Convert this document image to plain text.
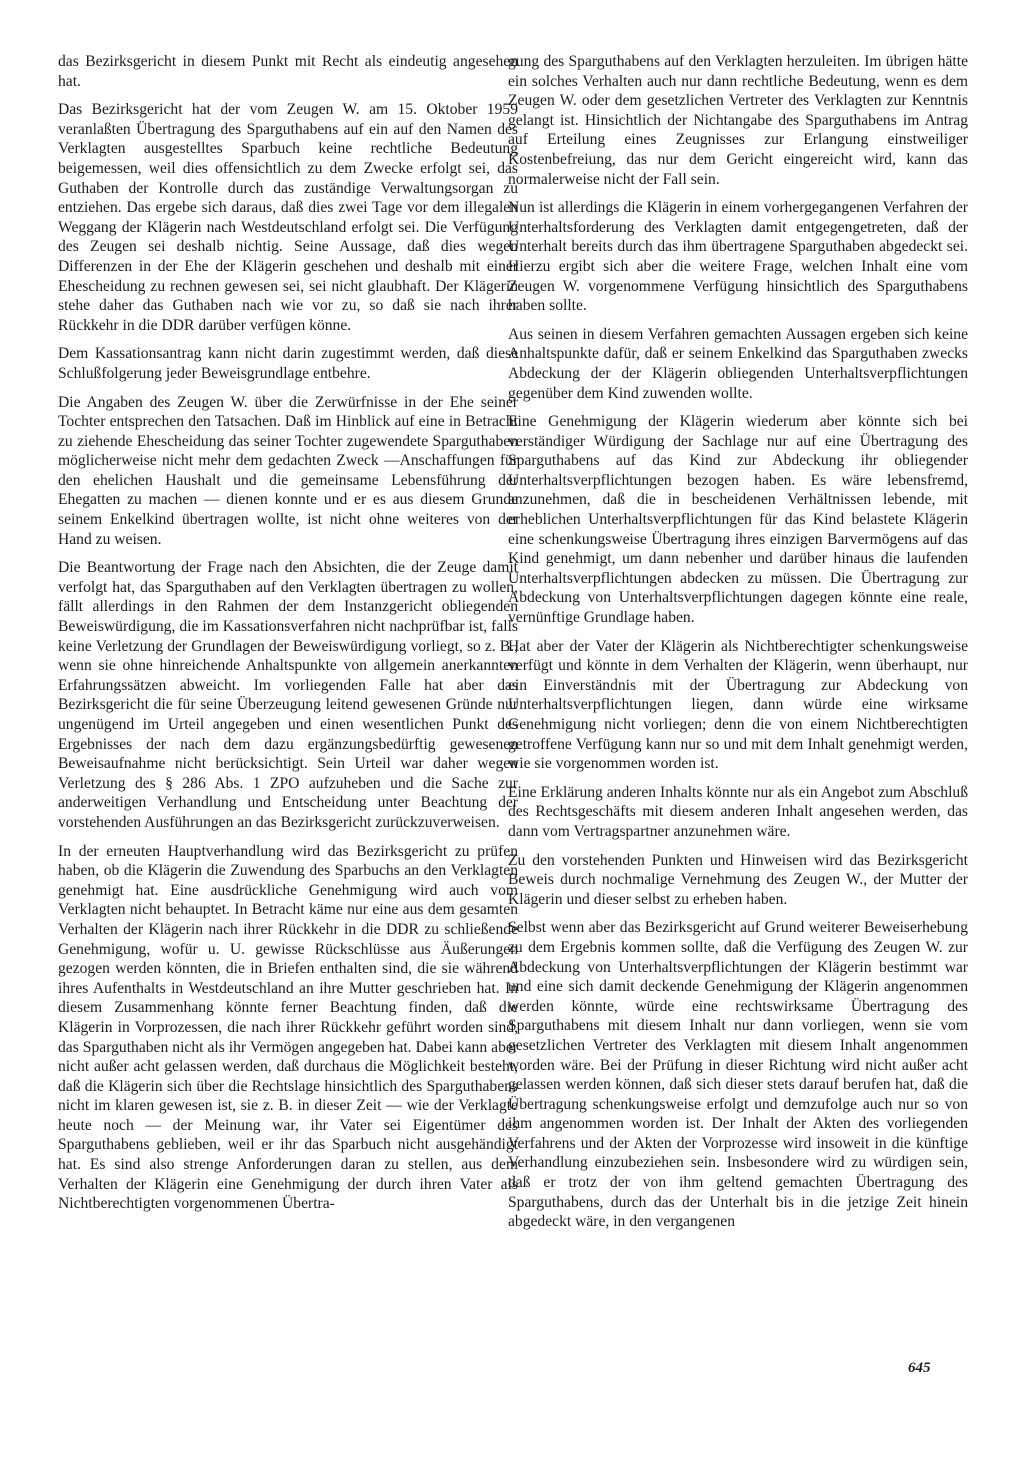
das Bezirksgericht in diesem Punkt mit Recht als eindeutig angesehen hat.

Das Bezirksgericht hat der vom Zeugen W. am 15. Oktober 1959 veranlaßten Übertragung des Sparguthabens auf ein auf den Namen des Verklagten ausgestelltes Sparbuch keine rechtliche Bedeutung beigemessen, weil dies offensichtlich zu dem Zwecke erfolgt sei, das Guthaben der Kontrolle durch das zuständige Verwaltungsorgan zu entziehen. Das ergebe sich daraus, daß dies zwei Tage vor dem illegalen Weggang der Klägerin nach Westdeutschland erfolgt sei. Die Verfügung des Zeugen sei deshalb nichtig. Seine Aussage, daß dies wegen Differenzen in der Ehe der Klägerin geschehen und deshalb mit einer Ehescheidung zu rechnen gewesen sei, sei nicht glaubhaft. Der Klägerin stehe daher das Guthaben nach wie vor zu, so daß sie nach ihrer Rückkehr in die DDR darüber verfügen könne.

Dem Kassationsantrag kann nicht darin zugestimmt werden, daß diese Schlußfolgerung jeder Beweisgrundlage entbehre.

Die Angaben des Zeugen W. über die Zerwürfnisse in der Ehe seiner Tochter entsprechen den Tatsachen. Daß im Hinblick auf eine in Betracht zu ziehende Ehescheidung das seiner Tochter zugewendete Sparguthaben möglicherweise nicht mehr dem gedachten Zweck —Anschaffungen für den ehelichen Haushalt und die gemeinsame Lebensführung der Ehegatten zu machen — dienen konnte und er es aus diesem Grunde seinem Enkelkind übertragen wollte, ist nicht ohne weiteres von der Hand zu weisen.

Die Beantwortung der Frage nach den Absichten, die der Zeuge damit verfolgt hat, das Sparguthaben auf den Verklagten übertragen zu wollen, fällt allerdings in den Rahmen der dem Instanzgericht obliegenden Beweiswürdigung, die im Kassationsverfahren nicht nachprüfbar ist, falls keine Verletzung der Grundlagen der Beweiswürdigung vorliegt, so z. B., wenn sie ohne hinreichende Anhaltspunkte von allgemein anerkannten Erfahrungssätzen abweicht. Im vorliegenden Falle hat aber das Bezirksgericht die für seine Überzeugung leitend gewesenen Gründe nur ungenügend im Urteil angegeben und einen wesentlichen Punkt des Ergebnisses der nach dem dazu ergänzungsbedürftig gewesenen Beweisaufnahme nicht berücksichtigt. Sein Urteil war daher wegen Verletzung des § 286 Abs. 1 ZPO aufzuheben und die Sache zur anderweitigen Verhandlung und Entscheidung unter Beachtung der vorstehenden Ausführungen an das Bezirksgericht zurückzuverweisen.

In der erneuten Hauptverhandlung wird das Bezirksgericht zu prüfen haben, ob die Klägerin die Zuwendung des Sparbuchs an den Verklagten genehmigt hat. Eine ausdrückliche Genehmigung wird auch vom Verklagten nicht behauptet. In Betracht käme nur eine aus dem gesamten Verhalten der Klägerin nach ihrer Rückkehr in die DDR zu schließende Genehmigung, wofür u. U. gewisse Rückschlüsse aus Äußerungen gezogen werden könnten, die in Briefen enthalten sind, die sie während ihres Aufenthalts in Westdeutschland an ihre Mutter geschrieben hat. In diesem Zusammenhang könnte ferner Beachtung finden, daß die Klägerin in Vorprozessen, die nach ihrer Rückkehr geführt worden sind, das Sparguthaben nicht als ihr Vermögen angegeben hat. Dabei kann aber nicht außer acht gelassen werden, daß durchaus die Möglichkeit besteht, daß die Klägerin sich über die Rechtslage hinsichtlich des Sparguthabens nicht im klaren gewesen ist, sie z. B. in dieser Zeit — wie der Verklagte heute noch — der Meinung war, ihr Vater sei Eigentümer des Sparguthabens geblieben, weil er ihr das Sparbuch nicht ausgehändigt hat. Es sind also strenge Anforderungen daran zu stellen, aus dem Verhalten der Klägerin eine Genehmigung der durch ihren Vater als Nichtberechtigten vorgenommenen Übertra-

gung des Sparguthabens auf den Verklagten herzuleiten. Im übrigen hätte ein solches Verhalten auch nur dann rechtliche Bedeutung, wenn es dem Zeugen W. oder dem gesetzlichen Vertreter des Verklagten zur Kenntnis gelangt ist. Hinsichtlich der Nichtangabe des Sparguthabens im Antrag auf Erteilung eines Zeugnisses zur Erlangung einstweiliger Kostenbefreiung, das nur dem Gericht eingereicht wird, kann das normalerweise nicht der Fall sein.

Nun ist allerdings die Klägerin in einem vorhergegangenen Verfahren der Unterhaltsforderung des Verklagten damit entgegengetreten, daß der Unterhalt bereits durch das ihm übertragene Sparguthaben abgedeckt sei. Hierzu ergibt sich aber die weitere Frage, welchen Inhalt eine vom Zeugen W. vorgenommene Verfügung hinsichtlich des Sparguthabens haben sollte.

Aus seinen in diesem Verfahren gemachten Aussagen ergeben sich keine Anhaltspunkte dafür, daß er seinem Enkelkind das Sparguthaben zwecks Abdeckung der der Klägerin obliegenden Unterhaltsverpflichtungen gegenüber dem Kind zuwenden wollte.

Eine Genehmigung der Klägerin wiederum aber könnte sich bei verständiger Würdigung der Sachlage nur auf eine Übertragung des Sparguthabens auf das Kind zur Abdeckung ihr obliegender Unterhaltsverpflichtungen bezogen haben. Es wäre lebensfremd, anzunehmen, daß die in bescheidenen Verhältnissen lebende, mit erheblichen Unterhaltsverpflichtungen für das Kind belastete Klägerin eine schenkungsweise Übertragung ihres einzigen Barvermögens auf das Kind genehmigt, um dann nebenher und darüber hinaus die laufenden Unterhaltsverpflichtungen abdecken zu müssen. Die Übertragung zur Abdeckung von Unterhaltsverpflichtungen dagegen könnte eine reale, vernünftige Grundlage haben.

Hat aber der Vater der Klägerin als Nichtberechtigter schenkungsweise verfügt und könnte in dem Verhalten der Klägerin, wenn überhaupt, nur ein Einverständnis mit der Übertragung zur Abdeckung von Unterhaltsverpflichtungen liegen, dann würde eine wirksame Genehmigung nicht vorliegen; denn die von einem Nichtberechtigten getroffene Verfügung kann nur so und mit dem Inhalt genehmigt werden, wie sie vorgenommen worden ist.

Eine Erklärung anderen Inhalts könnte nur als ein Angebot zum Abschluß des Rechtsgeschäfts mit diesem anderen Inhalt angesehen werden, das dann vom Vertragspartner anzunehmen wäre.

Zu den vorstehenden Punkten und Hinweisen wird das Bezirksgericht Beweis durch nochmalige Vernehmung des Zeugen W., der Mutter der Klägerin und dieser selbst zu erheben haben.

Selbst wenn aber das Bezirksgericht auf Grund weiterer Beweiserhebung zu dem Ergebnis kommen sollte, daß die Verfügung des Zeugen W. zur Abdeckung von Unterhaltsverpflichtungen der Klägerin bestimmt war und eine sich damit deckende Genehmigung der Klägerin angenommen werden könnte, würde eine rechtswirksame Übertragung des Sparguthabens mit diesem Inhalt nur dann vorliegen, wenn sie vom gesetzlichen Vertreter des Verklagten mit diesem Inhalt angenommen worden wäre. Bei der Prüfung in dieser Richtung wird nicht außer acht gelassen werden können, daß sich dieser stets darauf berufen hat, daß die Übertragung schenkungsweise erfolgt und demzufolge auch nur so von ihm angenommen worden ist. Der Inhalt der Akten des vorliegenden Verfahrens und der Akten der Vorprozesse wird insoweit in die künftige Verhandlung einzubeziehen sein. Insbesondere wird zu würdigen sein, daß er trotz der von ihm geltend gemachten Übertragung des Sparguthabens, durch das der Unterhalt bis in die jetzige Zeit hinein abgedeckt wäre, in den vergangenen

645
